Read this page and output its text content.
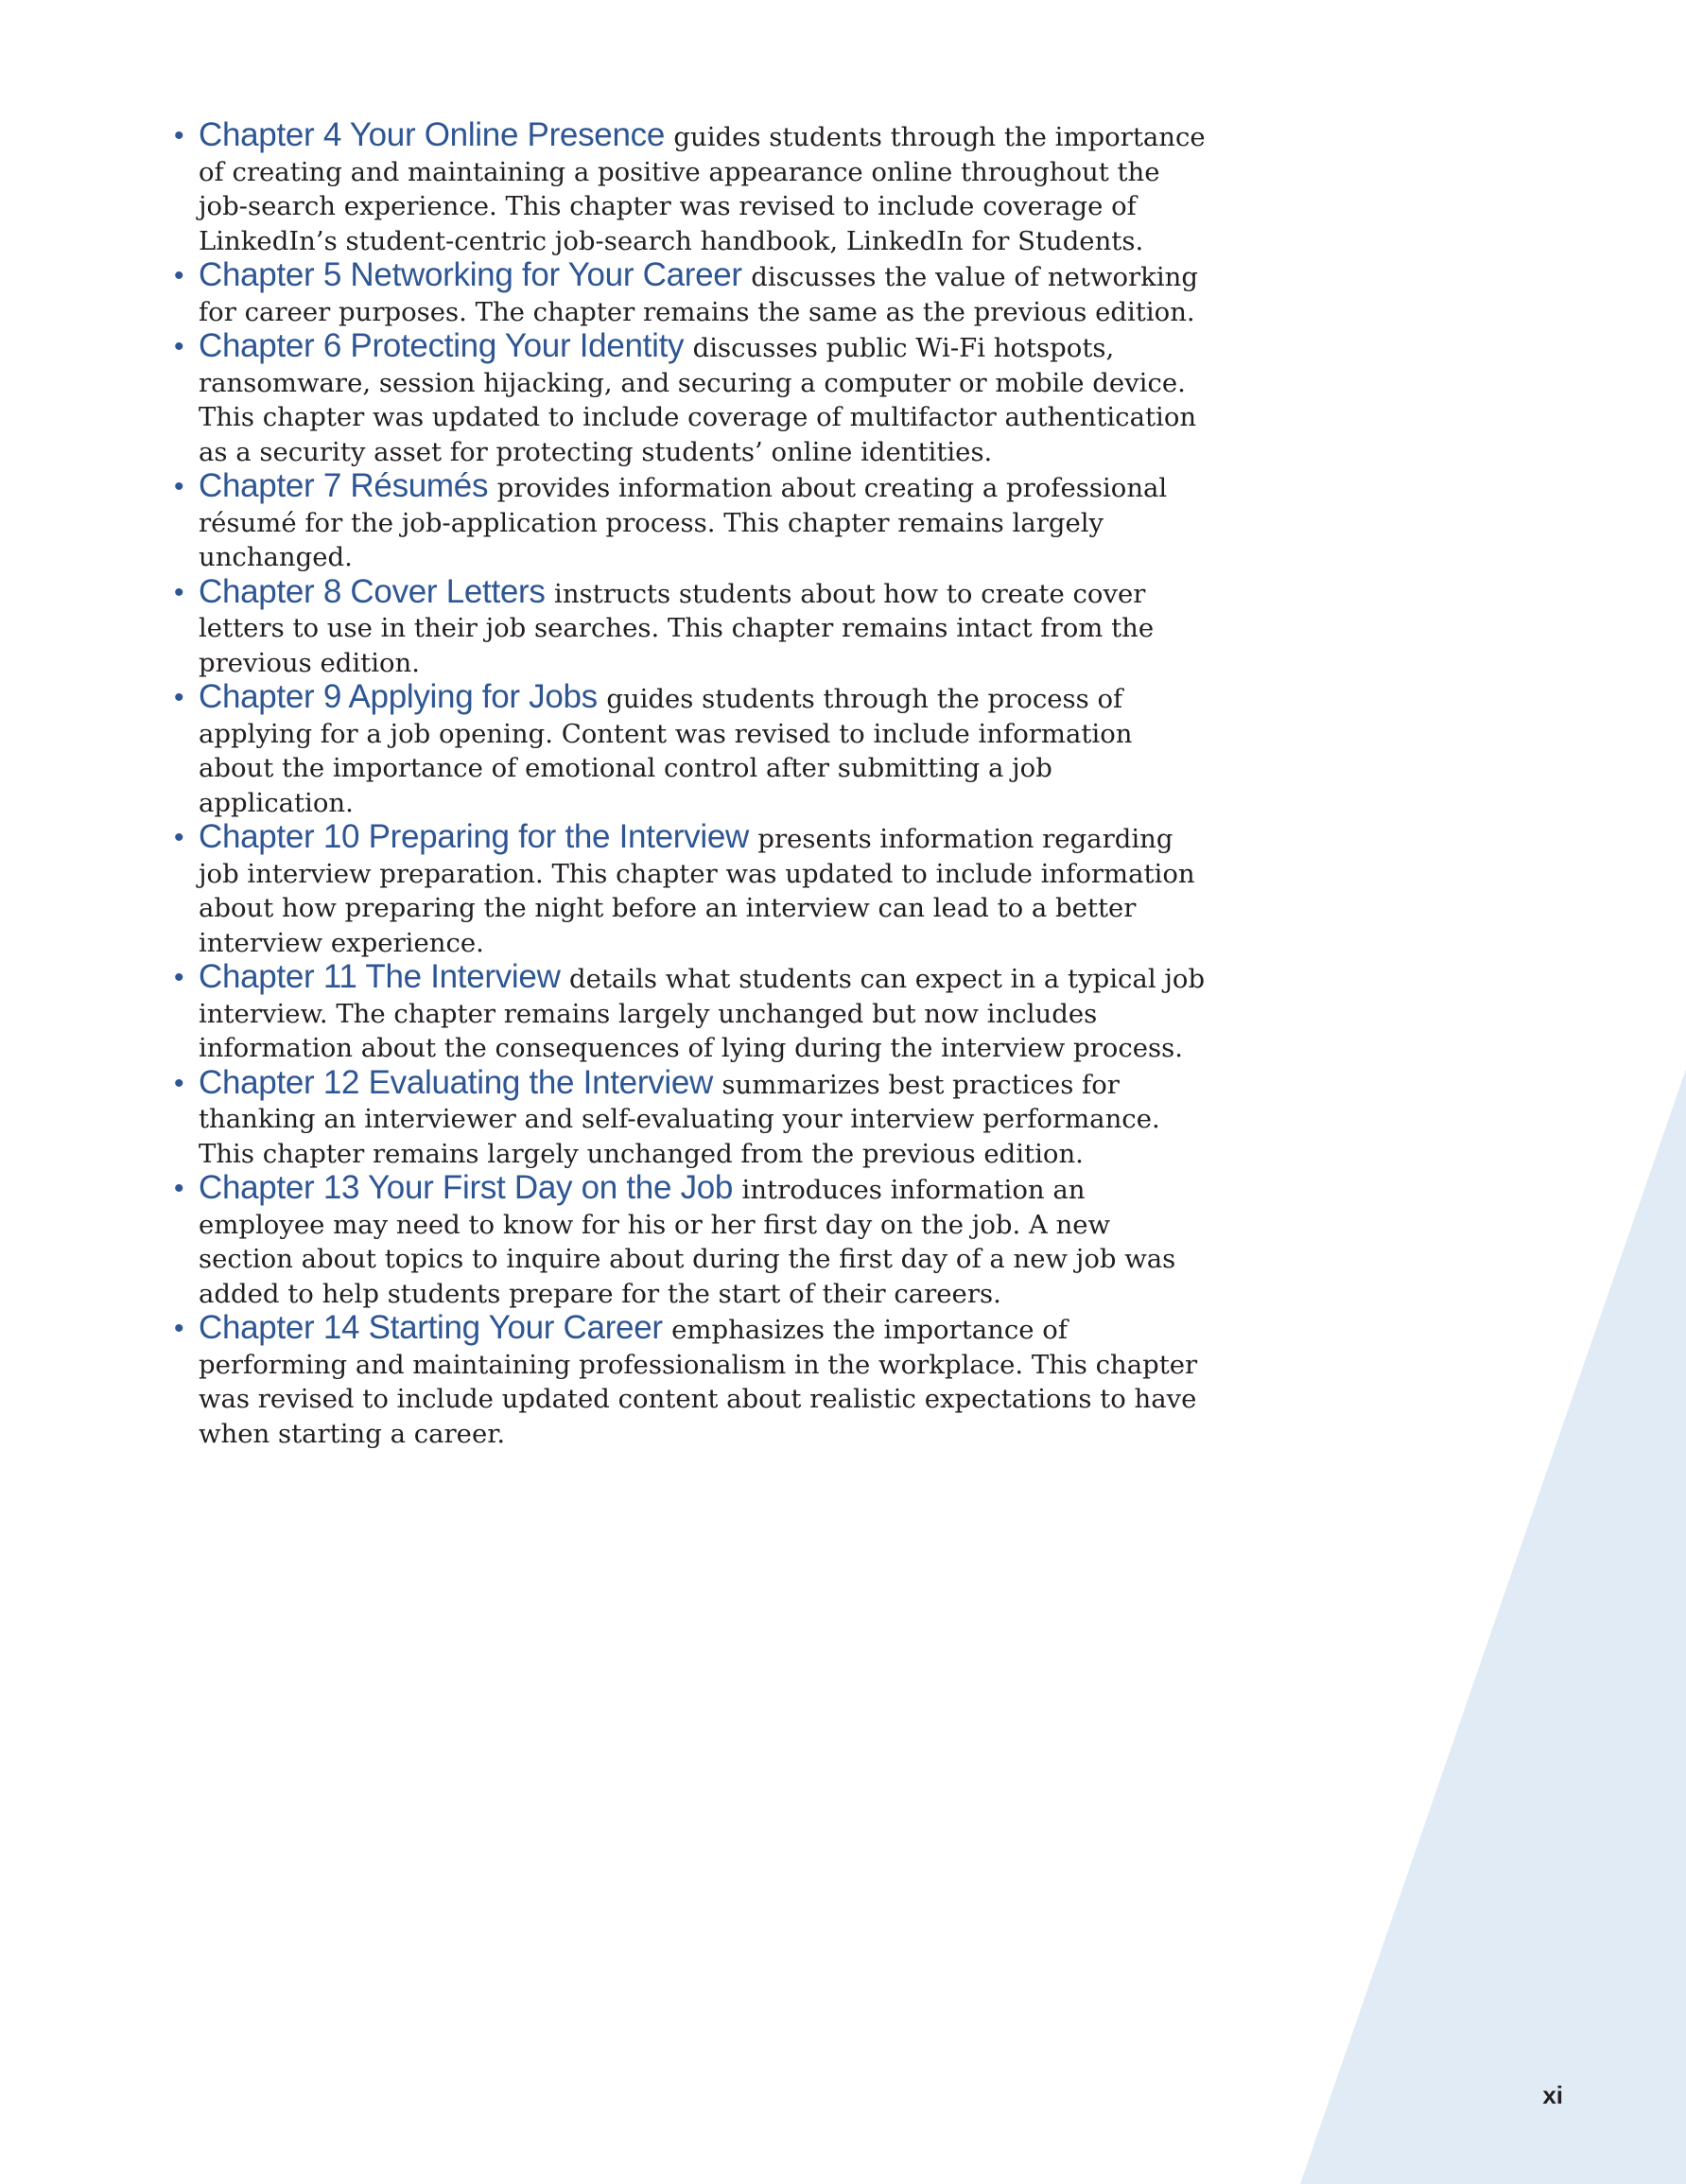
• Chapter 4 Your Online Presence guides students through the importance of creating and maintaining a positive appearance online throughout the job-search experience. This chapter was revised to include coverage of LinkedIn’s student-centric job-search handbook, LinkedIn for Students.
• Chapter 5 Networking for Your Career discusses the value of networking for career purposes. The chapter remains the same as the previous edition.
• Chapter 6 Protecting Your Identity discusses public Wi-Fi hotspots, ransomware, session hijacking, and securing a computer or mobile device. This chapter was updated to include coverage of multifactor authentication as a security asset for protecting students’ online identities.
• Chapter 7 Résumés provides information about creating a professional résumé for the job-application process. This chapter remains largely unchanged.
• Chapter 8 Cover Letters instructs students about how to create cover letters to use in their job searches. This chapter remains intact from the previous edition.
• Chapter 9 Applying for Jobs guides students through the process of applying for a job opening. Content was revised to include information about the importance of emotional control after submitting a job application.
• Chapter 10 Preparing for the Interview presents information regarding job interview preparation. This chapter was updated to include information about how preparing the night before an interview can lead to a better interview experience.
• Chapter 11 The Interview details what students can expect in a typical job interview. The chapter remains largely unchanged but now includes information about the consequences of lying during the interview process.
• Chapter 12 Evaluating the Interview summarizes best practices for thanking an interviewer and self-evaluating your interview performance. This chapter remains largely unchanged from the previous edition.
• Chapter 13 Your First Day on the Job introduces information an employee may need to know for his or her first day on the job. A new section about topics to inquire about during the first day of a new job was added to help students prepare for the start of their careers.
• Chapter 14 Starting Your Career emphasizes the importance of performing and maintaining professionalism in the workplace. This chapter was revised to include updated content about realistic expectations to have when starting a career.
xi
